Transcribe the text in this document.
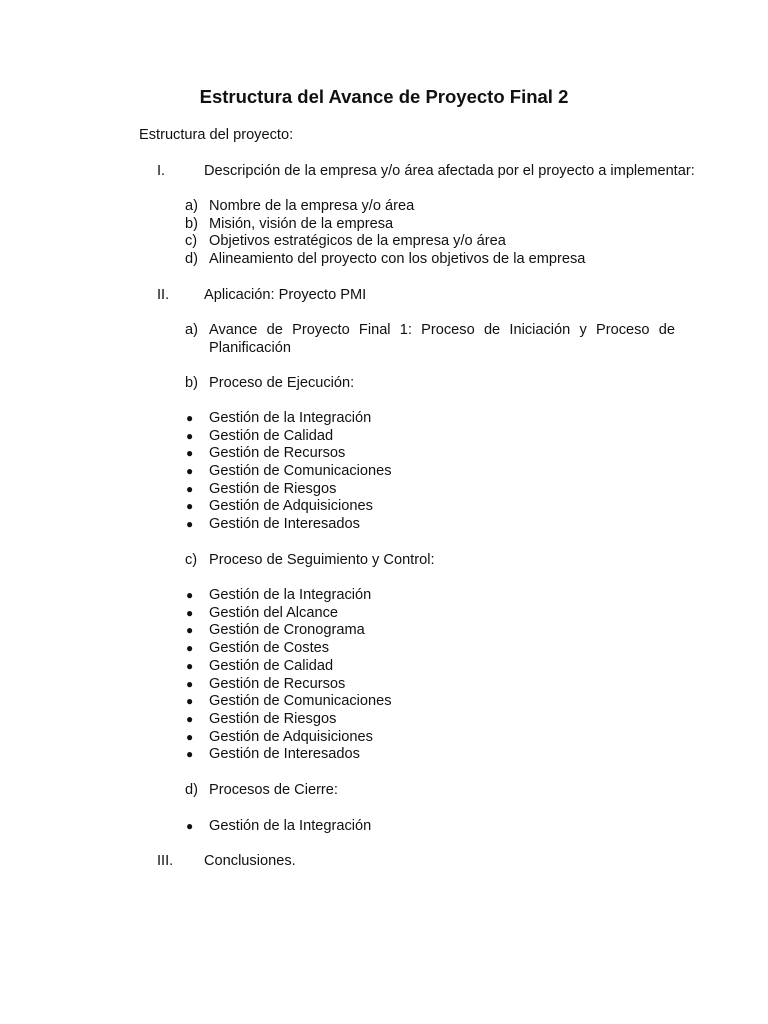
Estructura del Avance de Proyecto Final 2
Estructura del proyecto:
I.	Descripción de la empresa y/o área afectada por el proyecto a implementar:
a) Nombre de la empresa y/o área
b) Misión, visión de la empresa
c) Objetivos estratégicos de la empresa y/o área
d) Alineamiento del proyecto con los objetivos de la empresa
II. Aplicación: Proyecto PMI
a) Avance de Proyecto Final 1: Proceso de Iniciación y Proceso de
Planificación
b) Proceso de Ejecución:
● Gestión de la Integración
● Gestión de Calidad
● Gestión de Recursos
● Gestión de Comunicaciones
● Gestión de Riesgos
● Gestión de Adquisiciones
● Gestión de Interesados
c) Proceso de Seguimiento y Control:
● Gestión de la Integración
● Gestión del Alcance
● Gestión de Cronograma
● Gestión de Costes
● Gestión de Calidad
● Gestión de Recursos
● Gestión de Comunicaciones
● Gestión de Riesgos
● Gestión de Adquisiciones
● Gestión de Interesados
d) Procesos de Cierre:
● Gestión de la Integración
III. Conclusiones.
